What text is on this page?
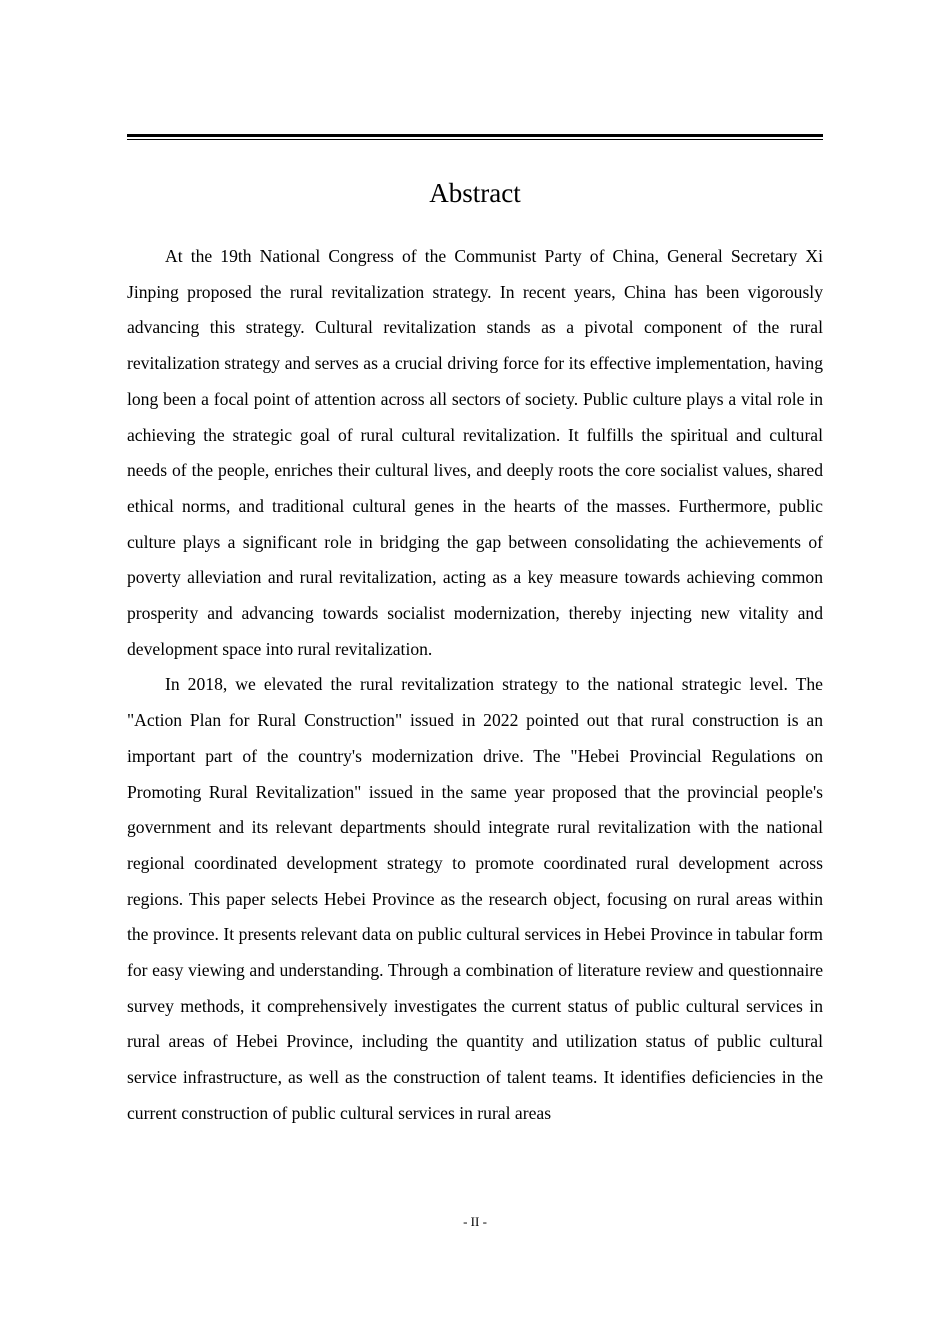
Abstract

At the 19th National Congress of the Communist Party of China, General Secretary Xi Jinping proposed the rural revitalization strategy. In recent years, China has been vigorously advancing this strategy. Cultural revitalization stands as a pivotal component of the rural revitalization strategy and serves as a crucial driving force for its effective implementation, having long been a focal point of attention across all sectors of society. Public culture plays a vital role in achieving the strategic goal of rural cultural revitalization. It fulfills the spiritual and cultural needs of the people, enriches their cultural lives, and deeply roots the core socialist values, shared ethical norms, and traditional cultural genes in the hearts of the masses. Furthermore, public culture plays a significant role in bridging the gap between consolidating the achievements of poverty alleviation and rural revitalization, acting as a key measure towards achieving common prosperity and advancing towards socialist modernization, thereby injecting new vitality and development space into rural revitalization.

In 2018, we elevated the rural revitalization strategy to the national strategic level. The "Action Plan for Rural Construction" issued in 2022 pointed out that rural construction is an important part of the country's modernization drive. The "Hebei Provincial Regulations on Promoting Rural Revitalization" issued in the same year proposed that the provincial people's government and its relevant departments should integrate rural revitalization with the national regional coordinated development strategy to promote coordinated rural development across regions. This paper selects Hebei Province as the research object, focusing on rural areas within the province. It presents relevant data on public cultural services in Hebei Province in tabular form for easy viewing and understanding. Through a combination of literature review and questionnaire survey methods, it comprehensively investigates the current status of public cultural services in rural areas of Hebei Province, including the quantity and utilization status of public cultural service infrastructure, as well as the construction of talent teams. It identifies deficiencies in the current construction of public cultural services in rural areas

- II -
